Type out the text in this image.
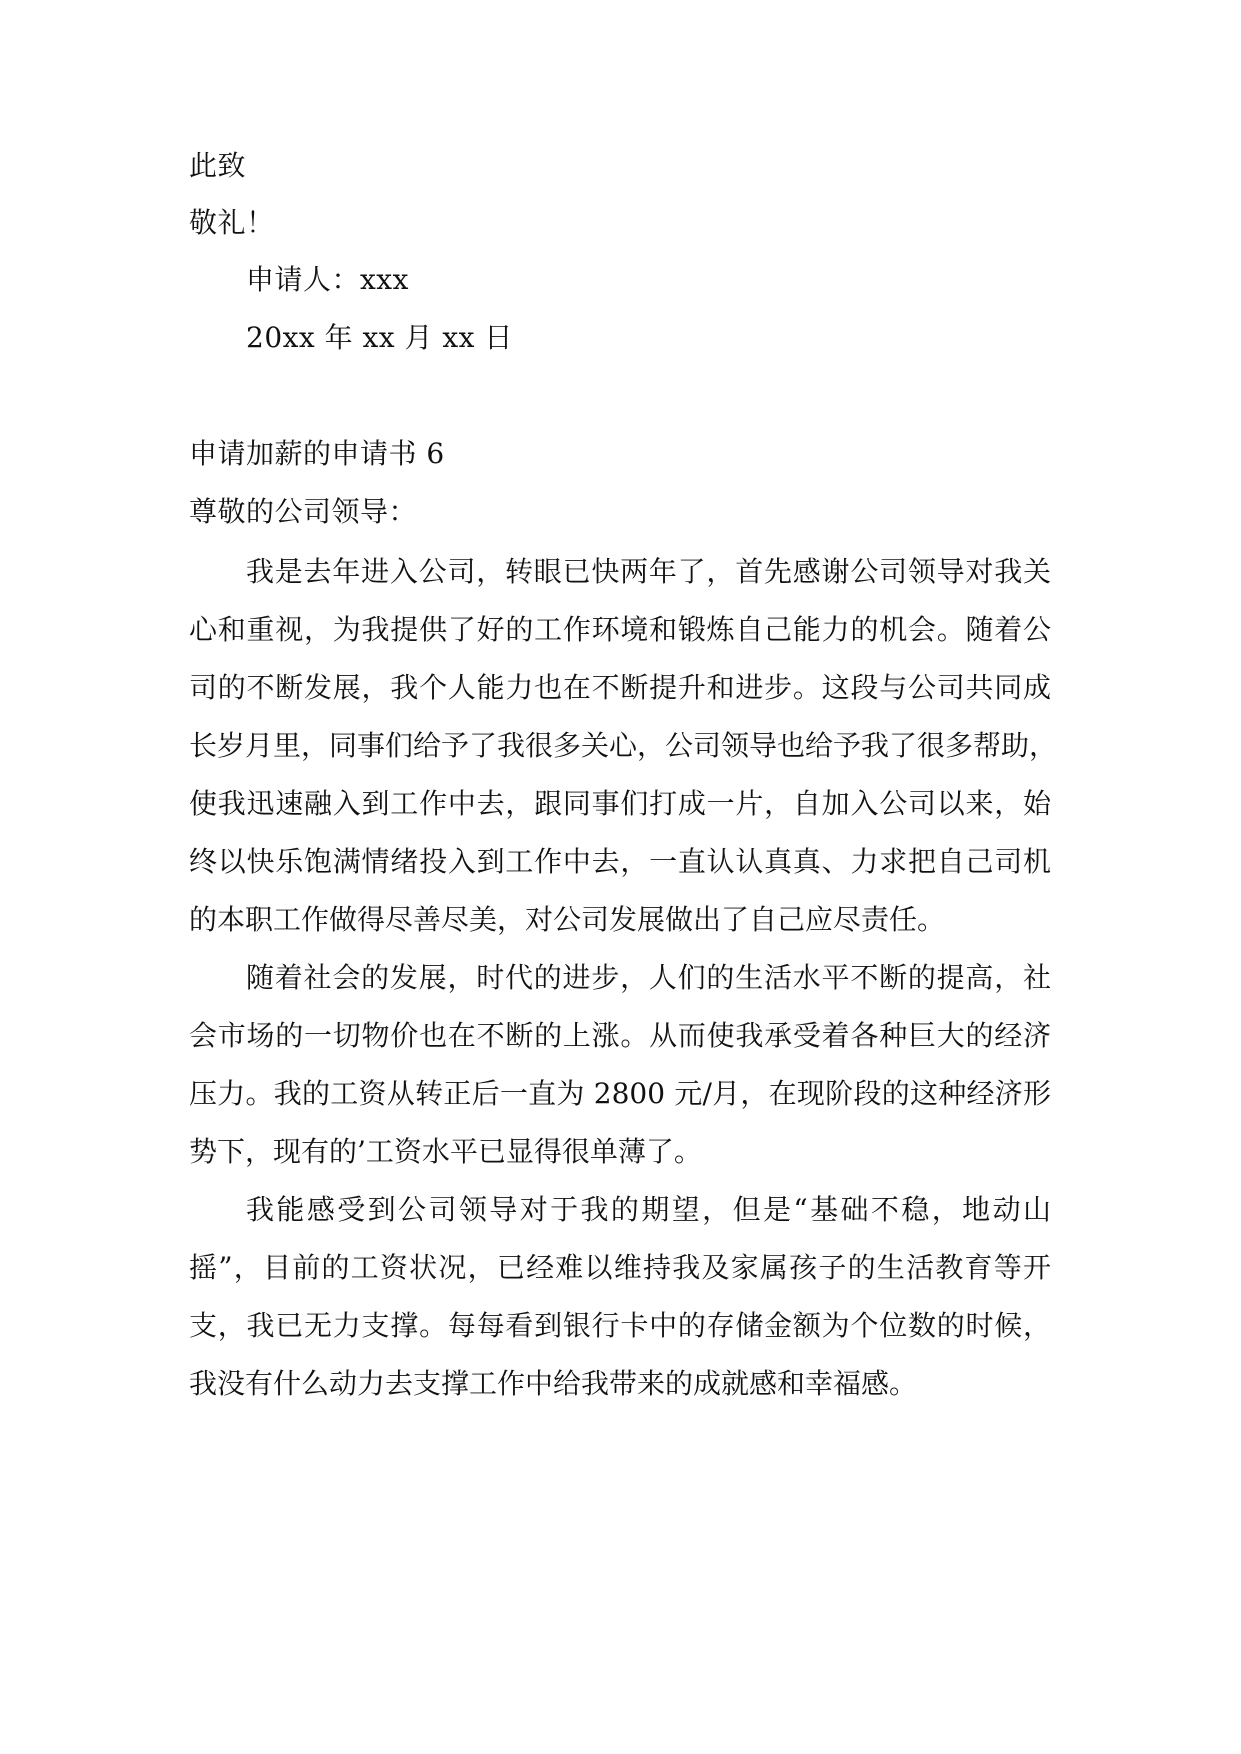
此致
敬礼！
申请人：xxx
20xx 年 xx 月 xx 日
申请加薪的申请书 6
尊敬的公司领导：
我是去年进入公司，转眼已快两年了，首先感谢公司领导对我关
心和重视，为我提供了好的工作环境和锻炼自己能力的机会。随着公
司的不断发展，我个人能力也在不断提升和进步。这段与公司共同成
长岁月里，同事们给予了我很多关心，公司领导也给予我了很多帮助，
使我迅速融入到工作中去，跟同事们打成一片，自加入公司以来，始
终以快乐饱满情绪投入到工作中去，一直认认真真、力求把自己司机
的本职工作做得尽善尽美，对公司发展做出了自己应尽责任。
随着社会的发展，时代的进步，人们的生活水平不断的提高，社
会市场的一切物价也在不断的上涨。从而使我承受着各种巨大的经济
压力。我的工资从转正后一直为 2800 元/月，在现阶段的这种经济形
势下，现有的’工资水平已显得很单薄了。
我能感受到公司领导对于我的期望，但是“基础不稳，地动山
摇”，目前的工资状况，已经难以维持我及家属孩子的生活教育等开
支，我已无力支撑。每每看到银行卡中的存储金额为个位数的时候，
我没有什么动力去支撑工作中给我带来的成就感和幸福感。
